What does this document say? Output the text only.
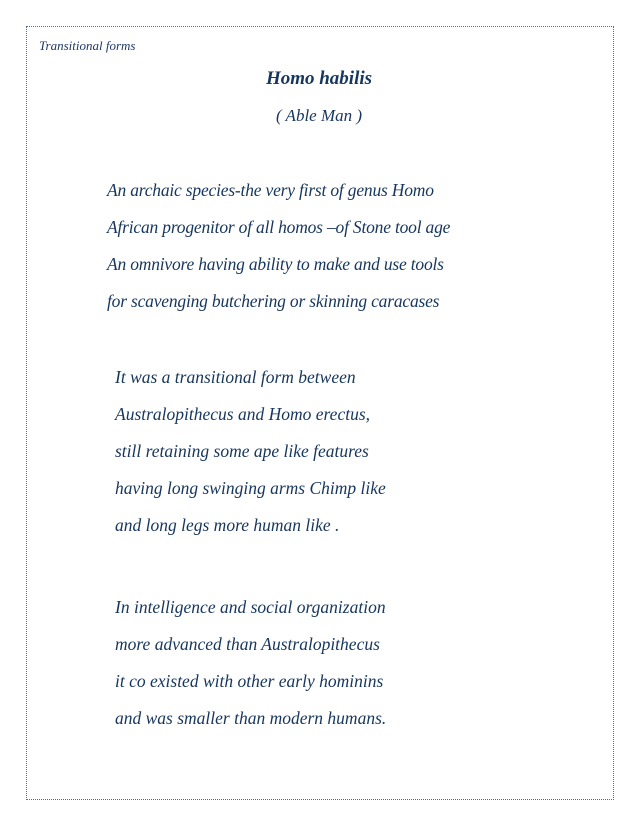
Transitional forms
Homo habilis
( Able Man )
An archaic species-the very first of genus Homo
African progenitor of all homos –of Stone tool age
An omnivore having ability to make and use tools
for scavenging butchering or skinning caracases
It was a transitional form between
Australopithecus and Homo erectus,
still retaining some ape like features
having long swinging arms Chimp like
and long legs more human like .
In intelligence and social organization
more advanced than Australopithecus
it co existed with other early hominins
and was smaller than modern humans.
